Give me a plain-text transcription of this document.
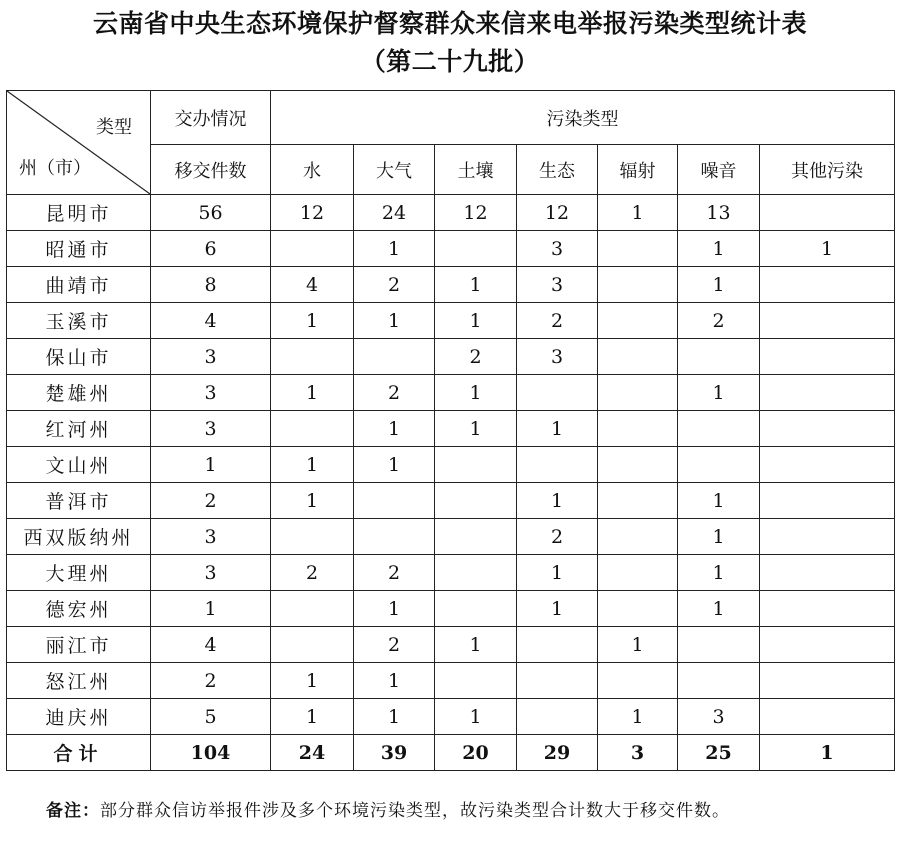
云南省中央生态环境保护督察群众来信来电举报污染类型统计表
（第二十九批）
类型
州（市）	交办情况	污染类型						
	移交件数	水	大气	土壤	生态	辐射	噪音	其他污染
昆明市	56	12	24	12	12	1	13	
昭通市	6		1		3		1	1
曲靖市	8	4	2	1	3		1	
玉溪市	4	1	1	1	2		2	
保山市	3			2	3			
楚雄州	3	1	2	1			1	
红河州	3		1	1	1			
文山州	1	1	1					
普洱市	2	1			1		1	
西双版纳州	3				2		1	
大理州	3	2	2		1		1	
德宏州	1		1		1		1	
丽江市	4		2	1		1		
怒江州	2	1	1					
迪庆州	5	1	1	1		1	3	
合计	104	24	39	20	29	3	25	1
备注：部分群众信访举报件涉及多个环境污染类型，故污染类型合计数大于移交件数。
